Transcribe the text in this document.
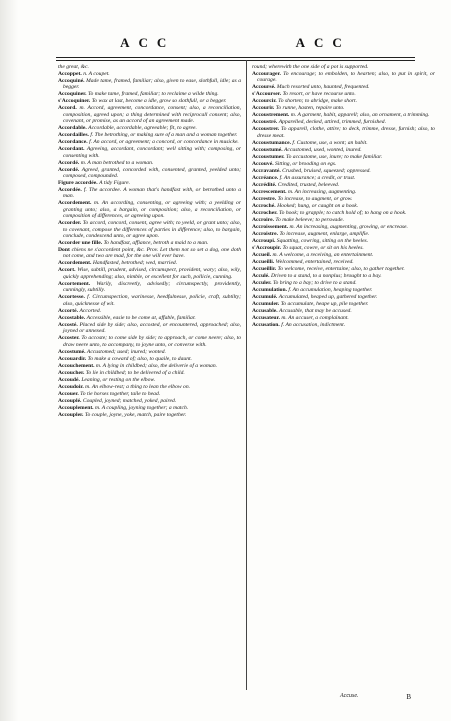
ACC	ACC
the great, &c.
Accoppet. n. A coupet.
Accoquiné. Made tame, framed, familiar; also, given to ease, slothfull, idle; as a begger.
Accoquiner. To make tame, framed, familiar; to reclaime a wilde thing.
s'Accoquiner. To wax at last, become a idle, grow so slothfull, or a begger.
Accord. m. Accord, agreement, concordance, consent; also, a reconciliation, composition, agreed upon; a thing determined with reciprocall consent; also, covenant, or promise, as an accord of an agreement made.
Accordable. Accordable, accordable, agreeable; fit, to agree.
Accordailles. f. The betrothing, or making sure of a man and a woman together.
Accordance. f. An accord, or agreement; a concord, or concordance in musicke.
Accordant. Agreeing, accordant, concordant; well sitting with; composing, or consenting with.
Accordé. m. A man betrothed to a woman.
Accordé. Agreed, granted, concorded with, consented, granted, yeelded unto; composed, compounded.
Figure accordée. A tidy Figure.
Accordée. f. The accordee. A woman that's handfast with, or betrothed unto a man.
Accordement. m. An according, consenting, or agreeing with; a yeelding or granting unto; also, a bargain, or composition; also, a reconciliation, or composition of differences, or agreeing upon.
Accorder. To accord, concord, consent, agree with; to yeeld, or grant unto; also, to covenant, compose the differences of parties in difference; also, to bargain, conclude, condescend unto, or agree upon.
Accorder une fille. To handfast, affiance, betroth a maid to a man.
Dont chiens ne s'accordent point, &c. Prov. Let them not so set a dog, one doth not come, and two are mad, for the one will ever have.
Accordement. Handfasted, betrothed; wed, married.
Accort. Wise, subtill, prudent, advised, circumspect, provident, wary; also, wily, quickly apprehending; also, nimble, or excellent for such, pollicie, cunning.
Accortement. Warily, discreetly, advisedly; circumspectly, providently, cunningly, subtilly.
Accortesse. f. Circumspection, warinesse, heedfulnesse, policie, craft, subtilty; also, quicknesse of wit.
Accorté. Accorted.
Accostable. Accessible, easie to be come at, affable, familiar.
Accosté. Placed side by side; also, accosted, or encountered, approached; also, joyned or annexed.
Accoster. To accoste; to come side by side; to approach, or come neere; also, to draw neere unto, to accompany, to joyne unto, or converse with.
Accostumé. Accustomed; used; inured; wonted.
Accouardir. To make a coward of; also, to quaile, to daunt.
Accouchement. m. A lying in childbed; also, the deliverie of a woman.
Accoucher. To lie in childbed; to be delivered of a child.
Accoudé. Leaning, or resting on the elbow.
Accoudoir. m. An elbow-rest; a thing to lean the elbow on.
Accouer. To tie horses together, taile to head.
Accouplé. Coupled, joyned; matched, yoked, paired.
Accouplement. m. A coupling, joyning together; a match.
Accoupler. To couple, joyne, yoke, match, paire together.
round; wherewith the one side of a pot is supported.
Accourager. To encourage; to embolden, to hearten; also, to put in spirit, or courage.
Accoursé. Much resorted unto, haunted, frequented.
s'Accourser. To resort, or have recourse unto.
Accourcir. To shorten; to abridge, make short.
Accourir. To runne, hasten, repaire unto.
Accoustrement. m. A garment, habit, apparell; also, an ornament, a trimming.
Accoustré. Apparelled, decked, attired, trimmed, furnished.
Accoustrer. To apparell, clothe, attire; to deck, trimme, dresse, furnish; also, to dresse meat.
Accoustumance. f. Custome, use, a wont; an habit.
Accoustumé. Accustomed, used, wonted, inured.
Accoustumer. To accustome, use, inure; to make familiar.
Accouvé. Sitting, or brooding on egs.
Accravanté. Crushed, bruised, squeezed; oppressed.
Accréance. f. An assurance; a credit, or trust.
Accrédité. Credited, trusted, beleeved.
Accrescement. m. An increasing, augmenting.
Accrestre. To increase, to augment, or grow.
Accroché. Hooked; hung, or caught on a hook.
Accrocher. To hook; to grapple; to catch hold of; to hang on a hook.
Accroire. To make beleeve; to perswade.
Accroissement. m. An increasing, augmenting, growing, or encrease.
Accroistre. To increase, augment, enlarge, amplifie.
Accroupi. Squatting, cowring, sitting on the heeles.
s'Accroupir. To squat, cowre, or sit on his heeles.
Accueil. m. A welcome, a receiving, an entertainment.
Accueilli. Welcommed, entertained, received.
Accueillir. To welcome, receive, entertaine; also, to gather together.
Acculé. Driven to a stand, to a nonplus; brought to a bay.
Acculer. To bring to a bay; to drive to a stand.
Accumulation. f. An accumulation, heaping together.
Accumulé. Accumulated, heaped up, gathered together.
Accumuler. To accumulate, heape up, pile together.
Accusable. Accusable, that may be accused.
Accusateur. m. An accuser, a complainant.
Accusation. f. An accusation, indictment.
Accuse.	B
